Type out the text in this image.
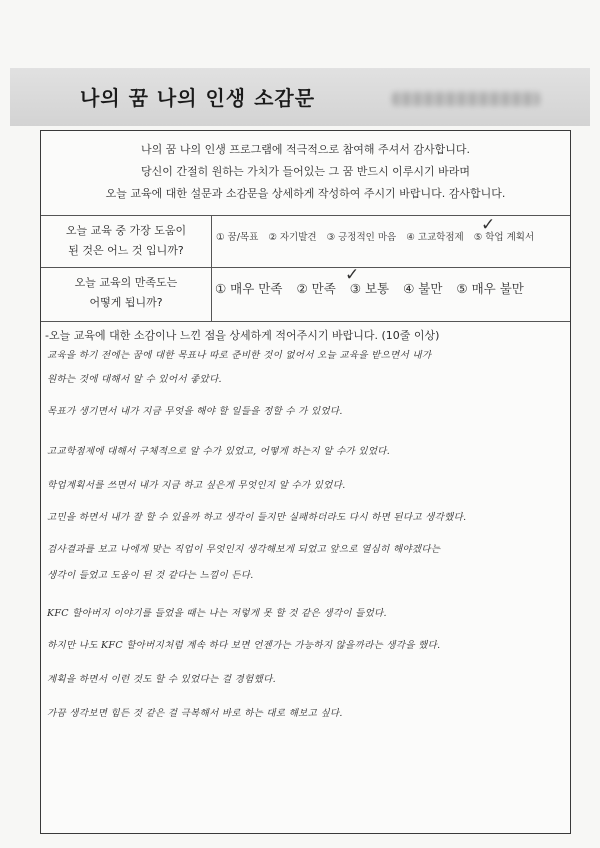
나의 꿈 나의 인생 소감문
나의 꿈 나의 인생 프로그램에 적극적으로 참여해 주셔서 감사합니다.
당신이 간절히 원하는 가치가 들어있는 그 꿈 반드시 이루시기 바라며
오늘 교육에 대한 설문과 소감문을 상세하게 작성하여 주시기 바랍니다. 감사합니다.
오늘 교육 중 가장 도움이
된 것은 어느 것 입니까?
① 꿈/목표 ② 자기발견 ③ 긍정적인 마음 ④ 고교학점제 ⑤ 학업 계획서
✓
오늘 교육의 만족도는
어떻게 됩니까?
① 매우 만족 ② 만족 ③ 보통 ④ 불만 ⑤ 매우 불만
✓
-오늘 교육에 대한 소감이나 느낀 점을 상세하게 적어주시기 바랍니다. (10줄 이상)
교육을 하기 전에는 꿈에 대한 목표나 따로 준비한 것이 없어서 오늘 교육을 받으면서 내가
원하는 것에 대해서 알 수 있어서 좋았다.
목표가 생기면서 내가 지금 무엇을 해야 할 일들을 정할 수 가 있었다.
고교학점제에 대해서 구체적으로 알 수가 있었고, 어떻게 하는지 알 수가 있었다.
학업계획서를 쓰면서 내가 지금 하고 싶은게 무엇인지 알 수가 있었다.
고민을 하면서 내가 잘 할 수 있을까 하고 생각이 들지만 실패하더라도 다시 하면 된다고 생각했다.
검사결과를 보고 나에게 맞는 직업이 무엇인지 생각해보게 되었고 앞으로 열심히 해야겠다는
생각이 들었고 도움이 된 것 같다는 느낌이 든다.
KFC 할아버지 이야기를 들었을 때는 나는 저렇게 못 할 것 같은 생각이 들었다.
하지만 나도 KFC 할아버지처럼 계속 하다 보면 언젠가는 가능하지 않을까라는 생각을 했다.
계획을 하면서 이런 것도 할 수 있었다는 걸 경험했다.
가끔 생각보면 힘든 것 같은 걸 극복해서 바로 하는 대로 해보고 싶다.
